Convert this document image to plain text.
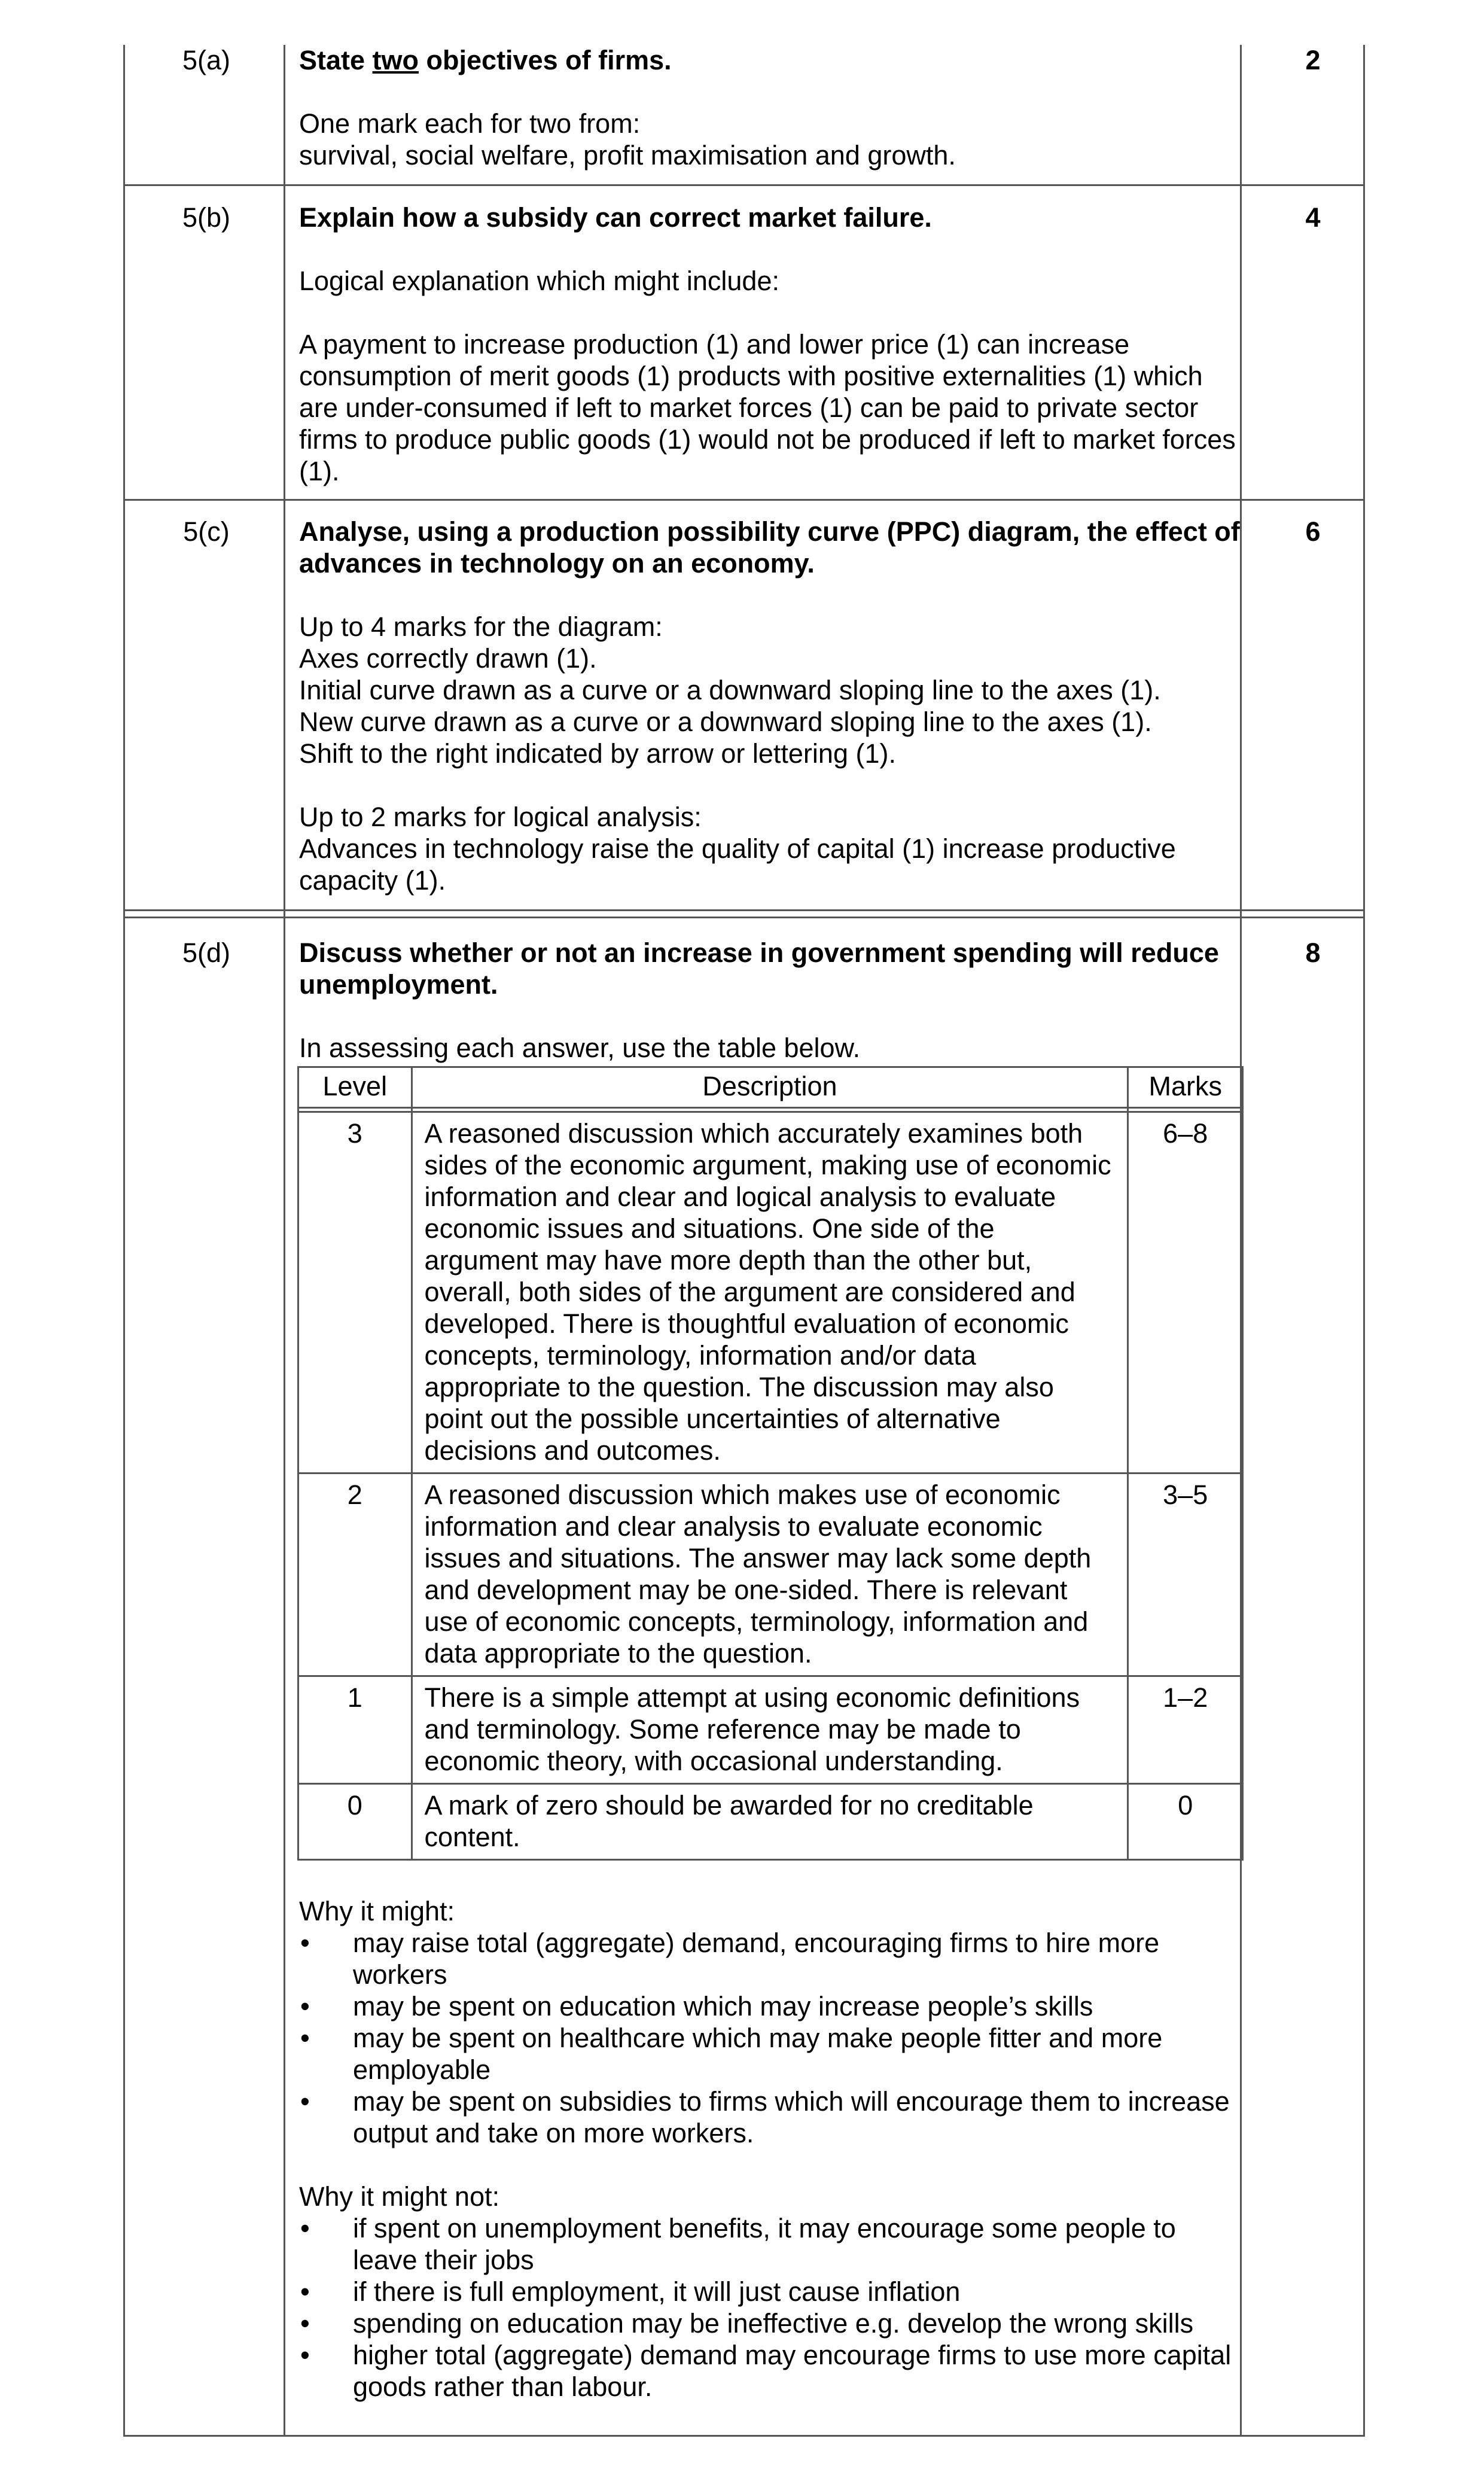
5(a)	2

State two objectives of firms.

One mark each for two from:

survival, social welfare, profit maximisation and growth.

5(b)	4

Explain how a subsidy can correct market failure.

Logical explanation which might include:

A payment to increase production (1) and lower price (1) can increase consumption of merit goods (1) products with positive externalities (1) which are under-consumed if left to market forces (1) can be paid to private sector firms to produce public goods (1) would not be produced if left to market forces (1).

5(c)	6

Analyse, using a production possibility curve (PPC) diagram, the effect of advances in technology on an economy.

Up to 4 marks for the diagram:

Axes correctly drawn (1).

Initial curve drawn as a curve or a downward sloping line to the axes (1).

New curve drawn as a curve or a downward sloping line to the axes (1).

Shift to the right indicated by arrow or lettering (1).

Up to 2 marks for logical analysis:

Advances in technology raise the quality of capital (1) increase productive capacity (1).

5(d)	8

Discuss whether or not an increase in government spending will reduce unemployment.

In assessing each answer, use the table below.

Level	Description	Marks

3	A reasoned discussion which accurately examines both sides of the economic argument, making use of economic information and clear and logical analysis to evaluate economic issues and situations. One side of the argument may have more depth than the other but, overall, both sides of the argument are considered and developed. There is thoughtful evaluation of economic concepts, terminology, information and/or data appropriate to the question. The discussion may also point out the possible uncertainties of alternative decisions and outcomes.	6–8
2	A reasoned discussion which makes use of economic information and clear analysis to evaluate economic issues and situations. The answer may lack some depth and development may be one-sided. There is relevant use of economic concepts, terminology, information and data appropriate to the question.	3–5
1	There is a simple attempt at using economic definitions and terminology. Some reference may be made to economic theory, with occasional understanding.	1–2
0	A mark of zero should be awarded for no creditable content.	0

Why it might:

• may raise total (aggregate) demand, encouraging firms to hire more workers
• may be spent on education which may increase people’s skills
• may be spent on healthcare which may make people fitter and more employable
• may be spent on subsidies to firms which will encourage them to increase output and take on more workers.

Why it might not:

• if spent on unemployment benefits, it may encourage some people to leave their jobs
• if there is full employment, it will just cause inflation
• spending on education may be ineffective e.g. develop the wrong skills
• higher total (aggregate) demand may encourage firms to use more capital goods rather than labour.
